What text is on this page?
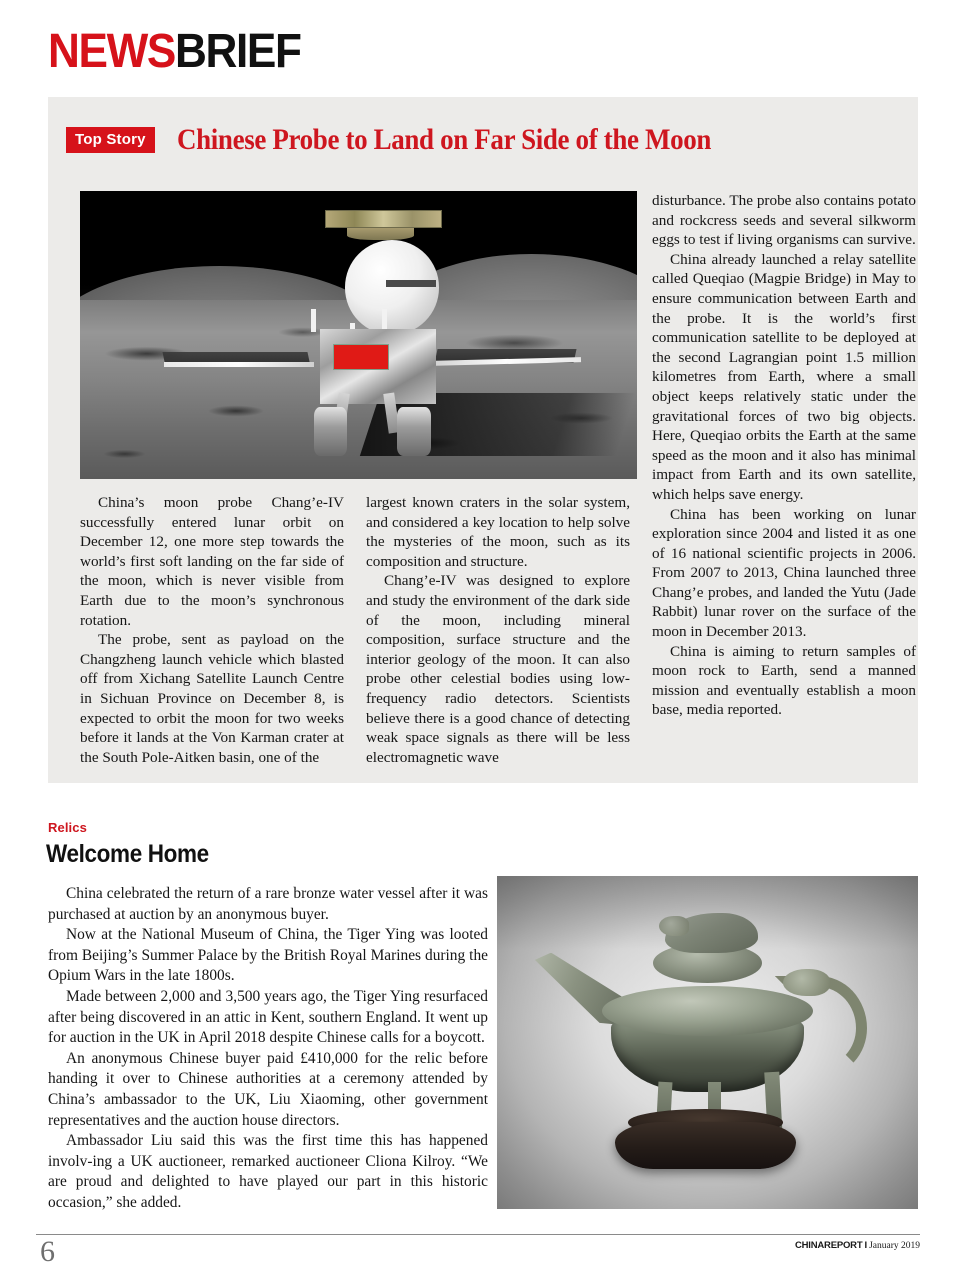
NEWSBRIEF
Top Story Chinese Probe to Land on Far Side of the Moon

China’s moon probe Chang’e-IV successfully entered lunar orbit on December 12, one more step towards the world’s first soft landing on the far side of the moon, which is never visible from Earth due to the moon’s synchronous rotation.

The probe, sent as payload on the Changzheng launch vehicle which blasted off from Xichang Satellite Launch Centre in Sichuan Province on December 8, is expected to orbit the moon for two weeks before it lands at the Von Karman crater at the South Pole-Aitken basin, one of the

largest known craters in the solar system, and considered a key location to help solve the mysteries of the moon, such as its composition and structure.

Chang’e-IV was designed to explore and study the environment of the dark side of the moon, including mineral composition, surface structure and the interior geology of the moon. It can also probe other celestial bodies using low-frequency radio detectors. Scientists believe there is a good chance of detecting weak space signals as there will be less electromagnetic wave

disturbance. The probe also contains potato and rockcress seeds and several silkworm eggs to test if living organisms can survive.

China already launched a relay satellite called Queqiao (Magpie Bridge) in May to ensure communication between Earth and the probe. It is the world’s first communication satellite to be deployed at the second Lagrangian point 1.5 million kilometres from Earth, where a small object keeps relatively static under the gravitational forces of two big objects. Here, Queqiao orbits the Earth at the same speed as the moon and it also has minimal impact from Earth and its own satellite, which helps save energy.

China has been working on lunar exploration since 2004 and listed it as one of 16 national scientific projects in 2006. From 2007 to 2013, China launched three Chang’e probes, and landed the Yutu (Jade Rabbit) lunar rover on the surface of the moon in December 2013.

China is aiming to return samples of moon rock to Earth, send a manned mission and eventually establish a moon base, media reported.

Relics
Welcome Home

China celebrated the return of a rare bronze water vessel after it was purchased at auction by an anonymous buyer.

Now at the National Museum of China, the Tiger Ying was looted from Beijing’s Summer Palace by the British Royal Marines during the Opium Wars in the late 1800s.

Made between 2,000 and 3,500 years ago, the Tiger Ying resurfaced after being discovered in an attic in Kent, southern England. It went up for auction in the UK in April 2018 despite Chinese calls for a boycott.

An anonymous Chinese buyer paid £410,000 for the relic before handing it over to Chinese authorities at a ceremony attended by China’s ambassador to the UK, Liu Xiaoming, other government representatives and the auction house directors.

Ambassador Liu said this was the first time this has happened involv-ing a UK auctioneer, remarked auctioneer Cliona Kilroy. “We are proud and delighted to have played our part in this historic occasion,” she added.

6	CHINAREPORT I January 2019
